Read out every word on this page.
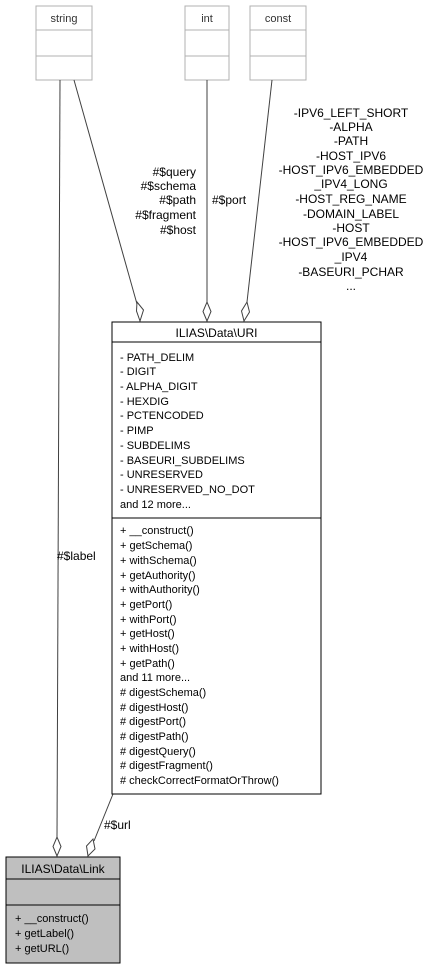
string	int	const
#$query
#$schema
#$path
#$fragment
#$host
#$port
-IPV6_LEFT_SHORT
-ALPHA
-PATH
-HOST_IPV6
-HOST_IPV6_EMBEDDED
_IPV4_LONG
-HOST_REG_NAME
-DOMAIN_LABEL
-HOST
-HOST_IPV6_EMBEDDED
_IPV4
-BASEURI_PCHAR
...
#$label
#$url
ILIAS\Data\URI
- PATH_DELIM
- DIGIT
- ALPHA_DIGIT
- HEXDIG
- PCTENCODED
- PIMP
- SUBDELIMS
- BASEURI_SUBDELIMS
- UNRESERVED
- UNRESERVED_NO_DOT
and 12 more...
+ __construct()
+ getSchema()
+ withSchema()
+ getAuthority()
+ withAuthority()
+ getPort()
+ withPort()
+ getHost()
+ withHost()
+ getPath()
and 11 more...
# digestSchema()
# digestHost()
# digestPort()
# digestPath()
# digestQuery()
# digestFragment()
# checkCorrectFormatOrThrow()
ILIAS\Data\Link
+ __construct()
+ getLabel()
+ getURL()
